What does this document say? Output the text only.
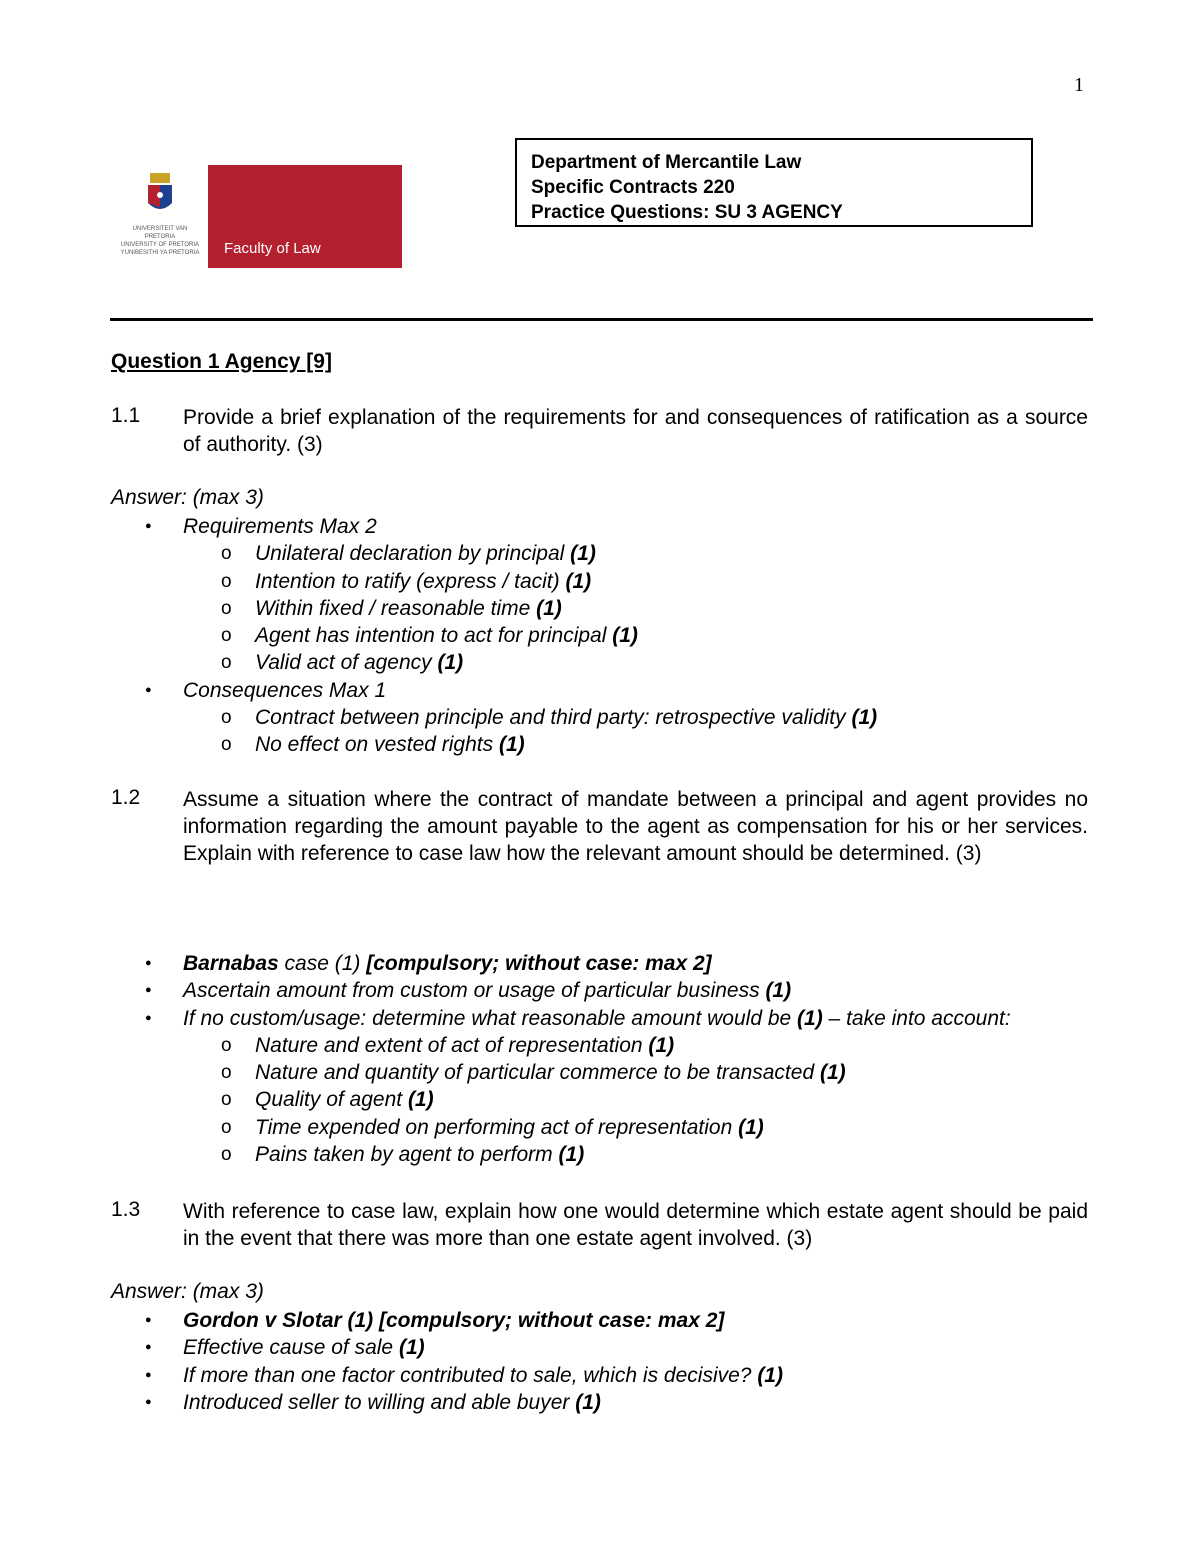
1
UNIVERSITEIT VAN PRETORIA
UNIVERSITY OF PRETORIA
YUNIBESITHI YA PRETORIA Faculty of Law
Department of Mercantile Law
Specific Contracts 220
Practice Questions: SU 3 AGENCY
Question 1 Agency [9]
1.1 Provide a brief explanation of the requirements for and consequences of ratification as a source of authority. (3)
Answer: (max 3)
● Requirements Max 2
o Unilateral declaration by principal (1)
o Intention to ratify (express / tacit) (1)
o Within fixed / reasonable time (1)
o Agent has intention to act for principal (1)
o Valid act of agency (1)
● Consequences Max 1
o Contract between principle and third party: retrospective validity (1)
o No effect on vested rights (1)
1.2 Assume a situation where the contract of mandate between a principal and agent provides no information regarding the amount payable to the agent as compensation for his or her services. Explain with reference to case law how the relevant amount should be determined. (3)
● Barnabas case (1) [compulsory; without case: max 2]
● Ascertain amount from custom or usage of particular business (1)
● If no custom/usage: determine what reasonable amount would be (1) – take into account:
o Nature and extent of act of representation (1)
o Nature and quantity of particular commerce to be transacted (1)
o Quality of agent (1)
o Time expended on performing act of representation (1)
o Pains taken by agent to perform (1)
1.3 With reference to case law, explain how one would determine which estate agent should be paid in the event that there was more than one estate agent involved. (3)
Answer: (max 3)
● Gordon v Slotar (1) [compulsory; without case: max 2]
● Effective cause of sale (1)
● If more than one factor contributed to sale, which is decisive? (1)
● Introduced seller to willing and able buyer (1)
